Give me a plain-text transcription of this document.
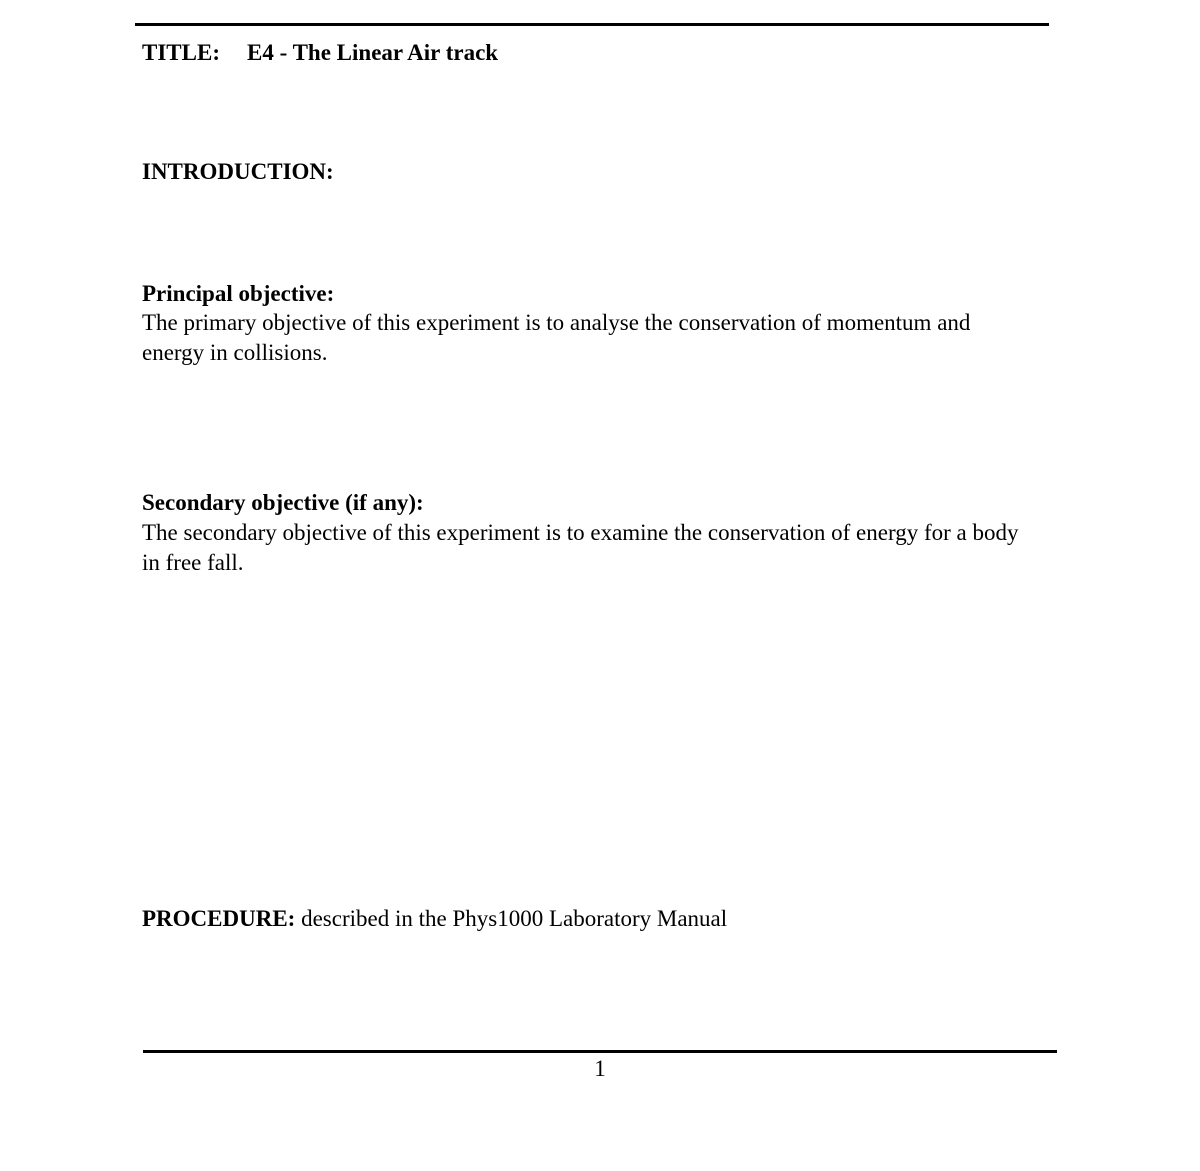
TITLE: E4 - The Linear Air track
INTRODUCTION:
Principal objective:
The primary objective of this experiment is to analyse the conservation of momentum and energy in collisions.
Secondary objective (if any):
The secondary objective of this experiment is to examine the conservation of energy for a body in free fall.
PROCEDURE: described in the Phys1000 Laboratory Manual
1
